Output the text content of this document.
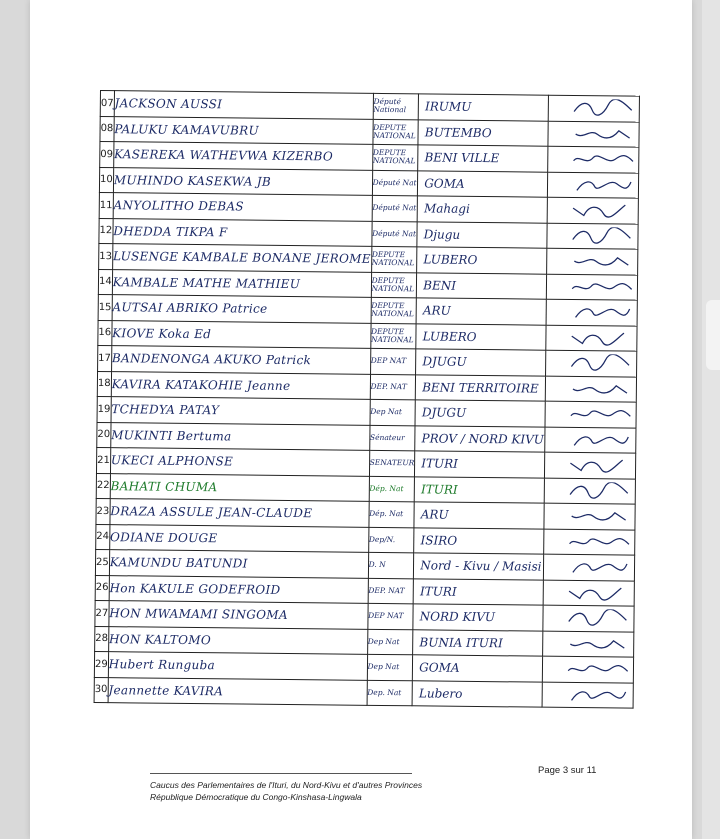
07	JACKSON AUSSI	Député National	IRUMU

08	PALUKU KAMAVUBRU	DEPUTE NATIONAL	BUTEMBO

09	KASEREKA WATHEVWA KIZERBO	DEPUTE NATIONAL	BENI VILLE

10	MUHINDO KASEKWA JB	Député Nat	GOMA

11	ANYOLITHO DEBAS	Député Nat	Mahagi

12	DHEDDA TIKPA F	Député Nat	Djugu

13	LUSENGE KAMBALE BONANE JEROME	DEPUTE NATIONAL	LUBERO

14	KAMBALE MATHE MATHIEU	DEPUTE NATIONAL	BENI

15	AUTSAI ABRIKO Patrice	DEPUTE NATIONAL	ARU

16	KIOVE Koka Ed	DEPUTE NATIONAL	LUBERO

17	BANDENONGA AKUKO Patrick	DEP NAT	DJUGU

18	KAVIRA KATAKOHIE Jeanne	DEP. NAT	BENI TERRITOIRE

19	TCHEDYA PATAY	Dep Nat	DJUGU

20	MUKINTI Bertuma	Sénateur	PROV / NORD KIVU

21	UKECI ALPHONSE	SENATEUR	ITURI

22	BAHATI CHUMA	Dép. Nat	ITURI

23	DRAZA ASSULE JEAN-CLAUDE	Dép. Nat	ARU

24	ODIANE DOUGE	Dep/N.	ISIRO

25	KAMUNDU BATUNDI	D. N	Nord - Kivu / Masisi

26	Hon KAKULE GODEFROID	DEP. NAT	ITURI

27	HON MWAMAMI SINGOMA	DEP NAT	NORD KIVU

28	HON KALTOMO	Dep Nat	BUNIA ITURI

29	Hubert Runguba	Dep Nat	GOMA

30	Jeannette KAVIRA	Dep. Nat	Lubero

Page 3 sur 11
Caucus des Parlementaires de l'Ituri, du Nord-Kivu et d'autres Provinces
République Démocratique du Congo-Kinshasa-Lingwala
